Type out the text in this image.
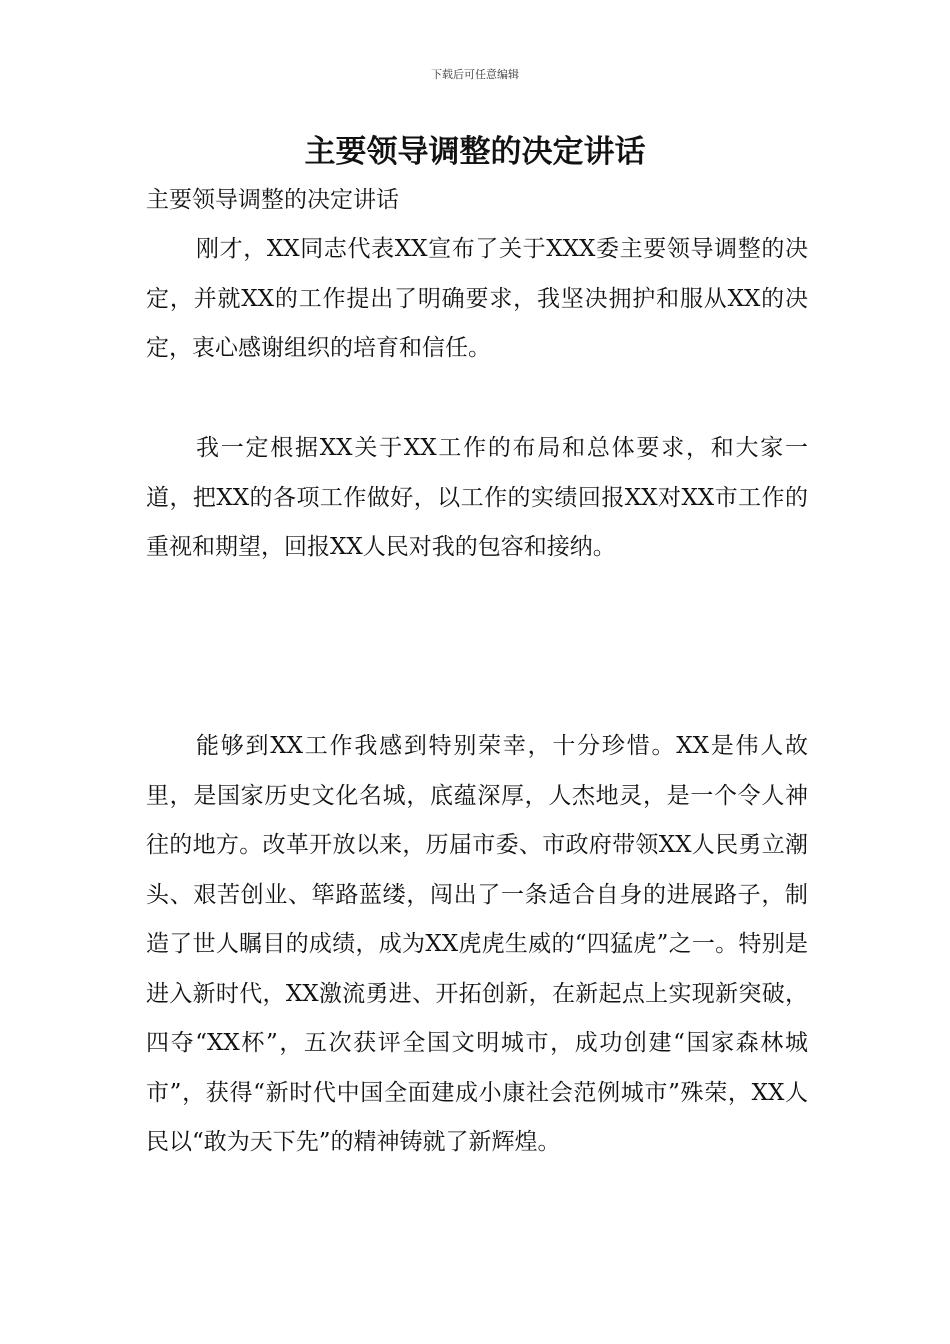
下载后可任意编辑
主要领导调整的决定讲话

主要领导调整的决定讲话

刚才，XX同志代表XX宣布了关于XXX委主要领导调整的决定，并就XX的工作提出了明确要求，我坚决拥护和服从XX的决定，衷心感谢组织的培育和信任。

我一定根据XX关于XX工作的布局和总体要求，和大家一道，把XX的各项工作做好，以工作的实绩回报XX对XX市工作的重视和期望，回报XX人民对我的包容和接纳。

能够到XX工作我感到特别荣幸，十分珍惜。XX是伟人故里，是国家历史文化名城，底蕴深厚，人杰地灵，是一个令人神往的地方。改革开放以来，历届市委、市政府带领XX人民勇立潮头、艰苦创业、筚路蓝缕，闯出了一条适合自身的进展路子，制造了世人瞩目的成绩，成为XX虎虎生威的“四猛虎”之一。特别是进入新时代，XX激流勇进、开拓创新，在新起点上实现新突破，四夺“XX杯”，五次获评全国文明城市，成功创建“国家森林城市”，获得“新时代中国全面建成小康社会范例城市”殊荣，XX人民以“敢为天下先”的精神铸就了新辉煌。
